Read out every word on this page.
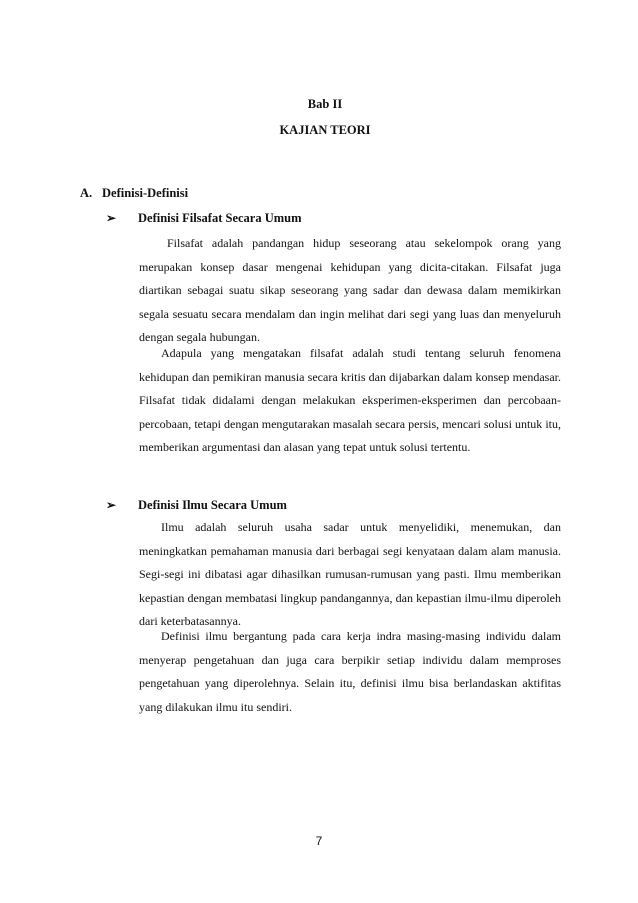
Bab II
KAJIAN TEORI
A. Definisi-Definisi
➢ Definisi Filsafat Secara Umum

Filsafat adalah pandangan hidup seseorang atau sekelompok orang yang merupakan konsep dasar mengenai kehidupan yang dicita-citakan. Filsafat juga diartikan sebagai suatu sikap seseorang yang sadar dan dewasa dalam memikirkan segala sesuatu secara mendalam dan ingin melihat dari segi yang luas dan menyeluruh dengan segala hubungan.

Adapula yang mengatakan filsafat adalah studi tentang seluruh fenomena kehidupan dan pemikiran manusia secara kritis dan dijabarkan dalam konsep mendasar. Filsafat tidak didalami dengan melakukan eksperimen-eksperimen dan percobaan-percobaan, tetapi dengan mengutarakan masalah secara persis, mencari solusi untuk itu, memberikan argumentasi dan alasan yang tepat untuk solusi tertentu.

➢ Definisi Ilmu Secara Umum

Ilmu adalah seluruh usaha sadar untuk menyelidiki, menemukan, dan meningkatkan pemahaman manusia dari berbagai segi kenyataan dalam alam manusia. Segi-segi ini dibatasi agar dihasilkan rumusan-rumusan yang pasti. Ilmu memberikan kepastian dengan membatasi lingkup pandangannya, dan kepastian ilmu-ilmu diperoleh dari keterbatasannya.

Definisi ilmu bergantung pada cara kerja indra masing-masing individu dalam menyerap pengetahuan dan juga cara berpikir setiap individu dalam memproses pengetahuan yang diperolehnya. Selain itu, definisi ilmu bisa berlandaskan aktifitas yang dilakukan ilmu itu sendiri.

7
